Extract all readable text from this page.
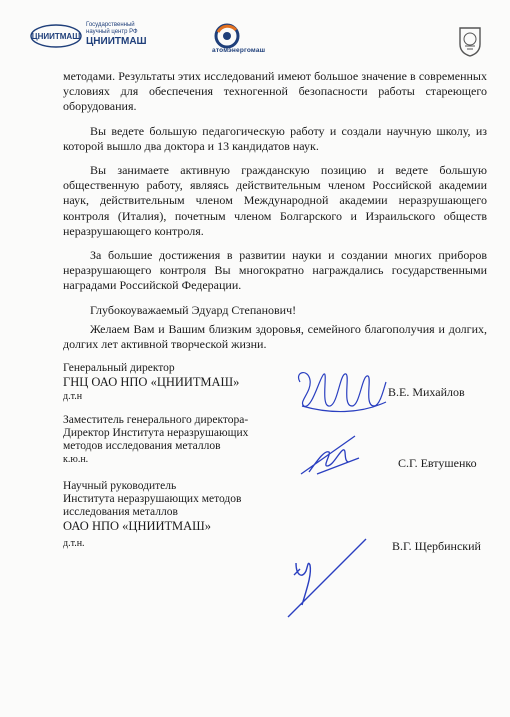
ЦНИИТМАШ
Государственный
научный центр РФ
ЦНИИТМАШ
атомэнергомаш

методами. Результаты этих исследований имеют большое значение в современных условиях для обеспечения техногенной безопасности работы стареющего оборудования.

Вы ведете большую педагогическую работу и создали научную школу, из которой вышло два доктора и 13 кандидатов наук.

Вы занимаете активную гражданскую позицию и ведете большую общественную работу, являясь действительным членом Российской академии наук, действительным членом Международной академии неразрушающего контроля (Италия), почетным членом Болгарского и Израильского обществ неразрушающего контроля.

За большие достижения в развитии науки и создании многих приборов неразрушающего контроля Вы многократно награждались государственными наградами Российской Федерации.

Глубокоуважаемый Эдуард Степанович!

Желаем Вам и Вашим близким здоровья, семейного благополучия и долгих, долгих лет активной творческой жизни.

Генеральный директор
ГНЦ ОАО НПО «ЦНИИТМАШ»
д.т.н	В.Е. Михайлов
Заместитель генерального директора-
Директор Института неразрушающих
методов исследования металлов
к.ю.н.	С.Г. Евтушенко
Научный руководитель
Института неразрушающих методов
исследования металлов
ОАО НПО «ЦНИИТМАШ»
д.т.н.	В.Г. Щербинский
